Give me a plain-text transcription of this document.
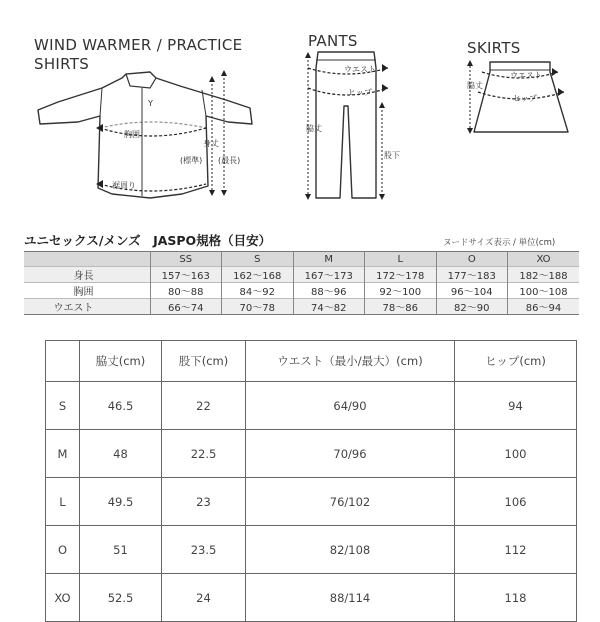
WIND WARMER / PRACTICE
SHIRTS
PANTS	SKIRTS
Y
胸囲
身丈
(標準) (最長)
裾周り
ウエスト
ヒップ
脇丈
股下
ウエスト
ヒップ
脇丈
ユニセックス/メンズ　JASPO規格（目安）	ヌードサイズ表示 / 単位(cm)
	SS	S	M	L	O	XO
身長	157〜163	162〜168	167〜173	172〜178	177〜183	182〜188
胸囲	80〜88	84〜92	88〜96	92〜100	96〜104	100〜108
ウエスト	66〜74	70〜78	74〜82	78〜86	82〜90	86〜94
	脇丈(cm)	股下(cm)	ウエスト（最小/最大）(cm)	ヒップ(cm)
S	46.5	22	64/90	94
M	48	22.5	70/96	100
L	49.5	23	76/102	106
O	51	23.5	82/108	112
XO	52.5	24	88/114	118
